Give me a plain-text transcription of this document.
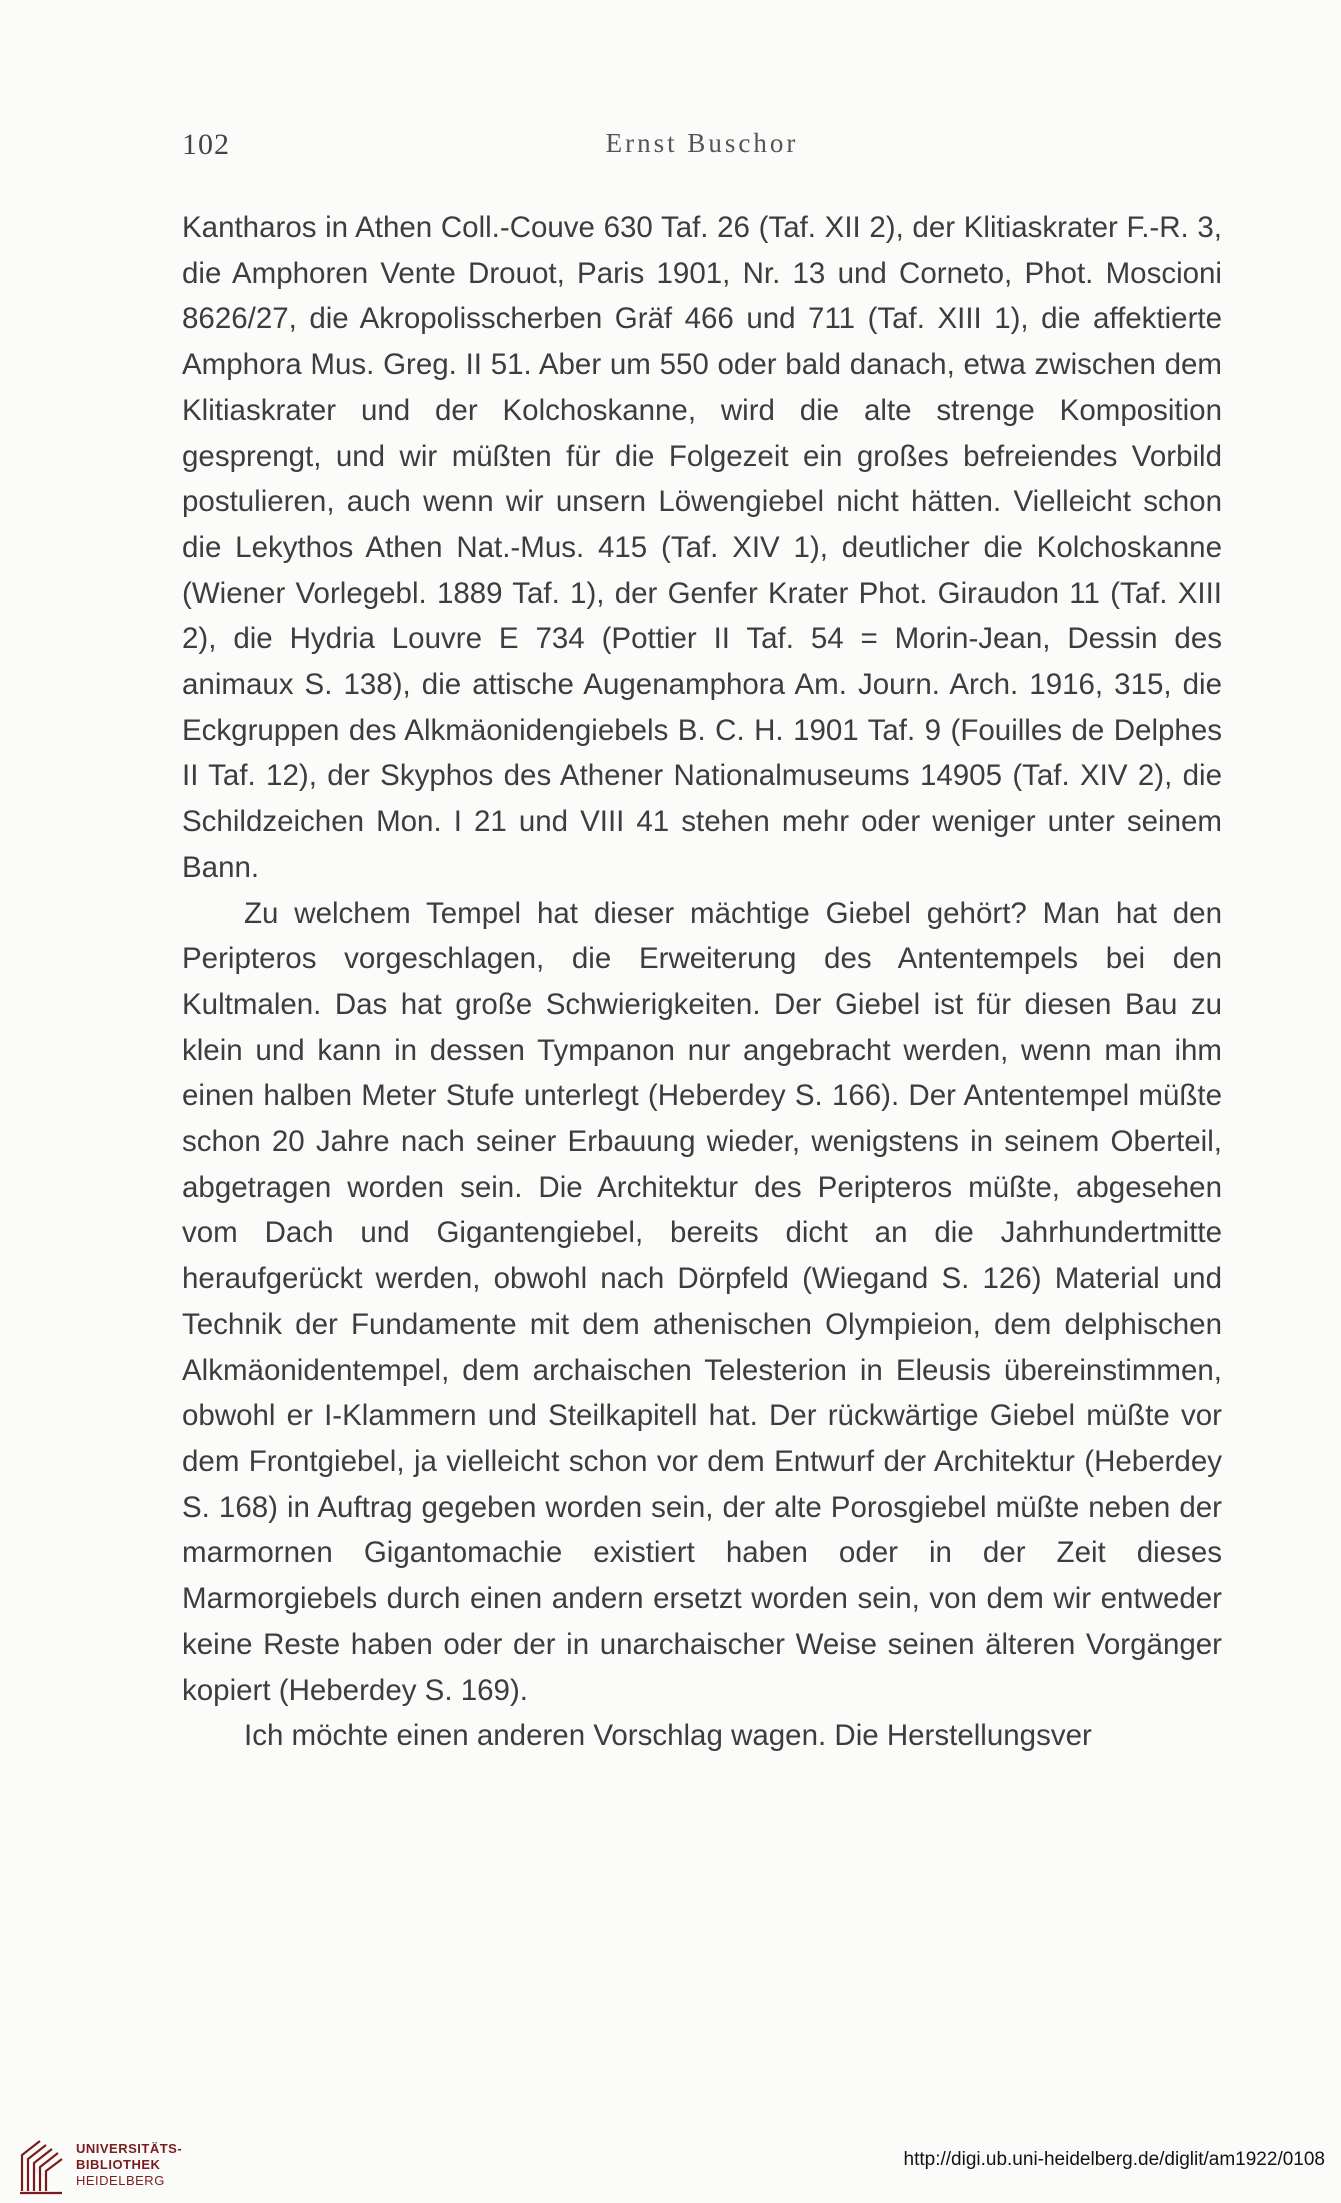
102	Ernst Buschor

Kantharos in Athen Coll.-Couve 630 Taf. 26 (Taf. XII 2), der Klitiaskrater F.-R. 3, die Amphoren Vente Drouot, Paris 1901, Nr. 13 und Corneto, Phot. Moscioni 8626/27, die Akropolisscherben Gräf 466 und 711 (Taf. XIII 1), die affektierte Amphora Mus. Greg. II 51. Aber um 550 oder bald danach, etwa zwischen dem Klitiaskrater und der Kolchoskanne, wird die alte strenge Komposition gesprengt, und wir müßten für die Folgezeit ein großes befreiendes Vorbild postulieren, auch wenn wir unsern Löwengiebel nicht hätten. Vielleicht schon die Lekythos Athen Nat.-Mus. 415 (Taf. XIV 1), deutlicher die Kolchoskanne (Wiener Vorlegebl. 1889 Taf. 1), der Genfer Krater Phot. Giraudon 11 (Taf. XIII 2), die Hydria Louvre E 734 (Pottier II Taf. 54 = Morin-Jean, Dessin des animaux S. 138), die attische Augenamphora Am. Journ. Arch. 1916, 315, die Eckgruppen des Alkmäonidengiebels B. C. H. 1901 Taf. 9 (Fouilles de Delphes II Taf. 12), der Skyphos des Athener Nationalmuseums 14905 (Taf. XIV 2), die Schildzeichen Mon. I 21 und VIII 41 stehen mehr oder weniger unter seinem Bann.

Zu welchem Tempel hat dieser mächtige Giebel gehört? Man hat den Peripteros vorgeschlagen, die Erweiterung des Antentempels bei den Kultmalen. Das hat große Schwierigkeiten. Der Giebel ist für diesen Bau zu klein und kann in dessen Tympanon nur angebracht werden, wenn man ihm einen halben Meter Stufe unterlegt (Heberdey S. 166). Der Antentempel müßte schon 20 Jahre nach seiner Erbauung wieder, wenigstens in seinem Oberteil, abgetragen worden sein. Die Architektur des Peripteros müßte, abgesehen vom Dach und Gigantengiebel, bereits dicht an die Jahrhundertmitte heraufgerückt werden, obwohl nach Dörpfeld (Wiegand S. 126) Material und Technik der Fundamente mit dem athenischen Olympieion, dem delphischen Alkmäonidentempel, dem archaischen Telesterion in Eleusis übereinstimmen, obwohl er I-Klammern und Steilkapitell hat. Der rückwärtige Giebel müßte vor dem Frontgiebel, ja vielleicht schon vor dem Entwurf der Architektur (Heberdey S. 168) in Auftrag gegeben worden sein, der alte Porosgiebel müßte neben der marmornen Gigantomachie existiert haben oder in der Zeit dieses Marmorgiebels durch einen andern ersetzt worden sein, von dem wir entweder keine Reste haben oder der in unarchaischer Weise seinen älteren Vorgänger kopiert (Heberdey S. 169).

Ich möchte einen anderen Vorschlag wagen. Die Herstellungsver

UNIVERSITÄTS-
BIBLIOTHEK
HEIDELBERG
http://digi.ub.uni-heidelberg.de/diglit/am1922/0108
